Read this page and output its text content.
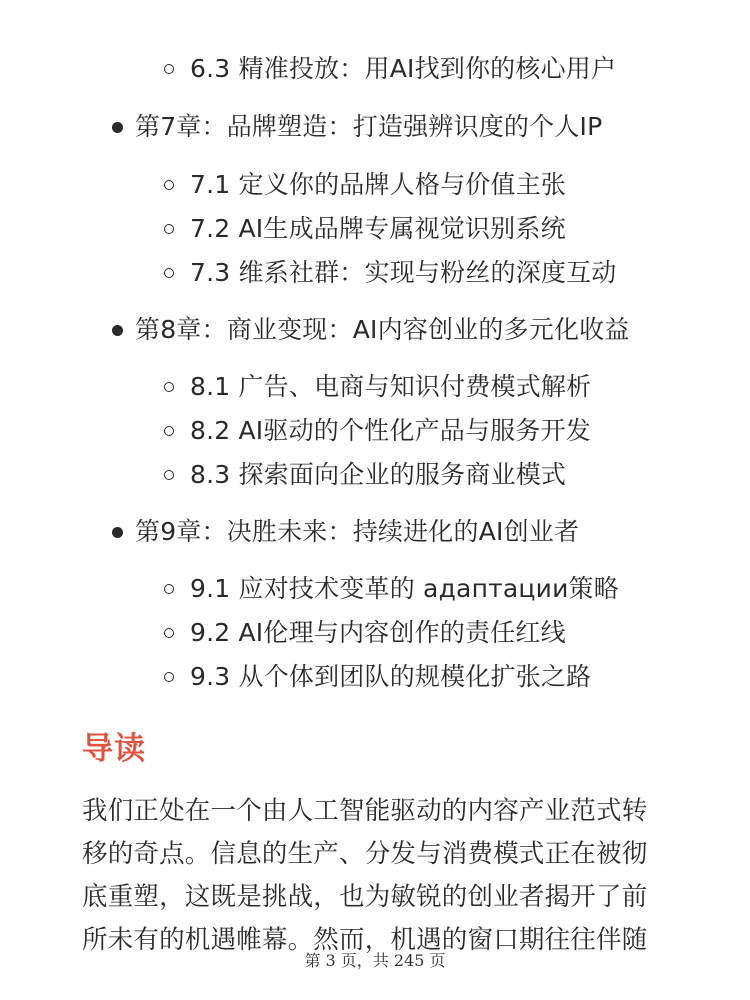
6.3 精准投放：用AI找到你的核心用户
第7章：品牌塑造：打造强辨识度的个人IP
7.1 定义你的品牌人格与价值主张
7.2 AI生成品牌专属视觉识别系统
7.3 维系社群：实现与粉丝的深度互动
第8章：商业变现：AI内容创业的多元化收益
8.1 广告、电商与知识付费模式解析
8.2 AI驱动的个性化产品与服务开发
8.3 探索面向企业的服务商业模式
第9章：决胜未来：持续进化的AI创业者
9.1 应对技术变革的 адаптации策略
9.2 AI伦理与内容创作的责任红线
9.3 从个体到团队的规模化扩张之路
导读
我们正处在一个由人工智能驱动的内容产业范式转
移的奇点。信息的生产、分发与消费模式正在被彻
底重塑，这既是挑战，也为敏锐的创业者揭开了前
所未有的机遇帷幕。然而，机遇的窗口期往往伴随
第 3 页，共 245 页
